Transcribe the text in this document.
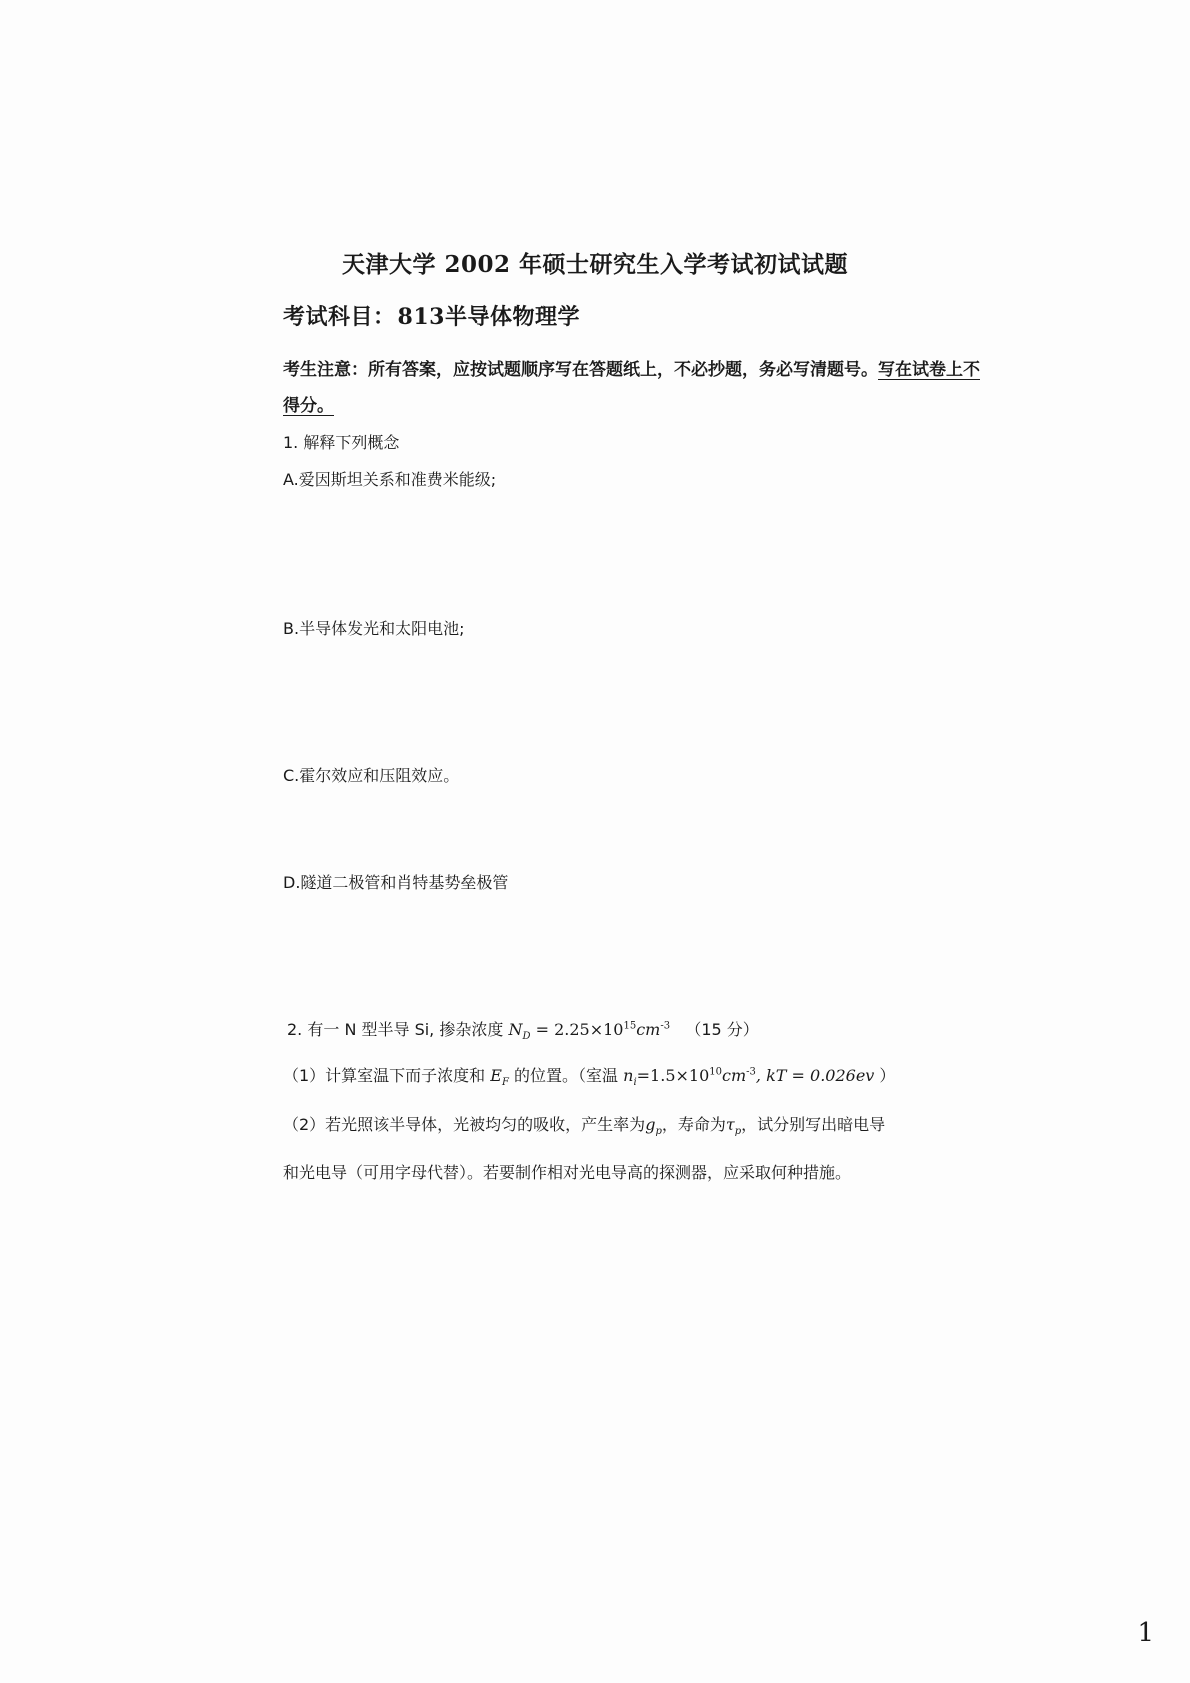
天津大学 2002 年硕士研究生入学考试初试试题
考试科目：813半导体物理学
考生注意：所有答案，应按试题顺序写在答题纸上，不必抄题，务必写清题号。写在试卷上不得分。
1. 解释下列概念
A.爱因斯坦关系和准费米能级;
B.半导体发光和太阳电池;
C.霍尔效应和压阻效应。
D.隧道二极管和肖特基势垒极管
2. 有一 N 型半导 Si, 掺杂浓度 $N_D = 2.25\times 10^{15}cm^{-3}$ （15 分）
（1）计算室温下而子浓度和 $E_F$ 的位置。（室温 $n_i=1.5\times 10^{10}cm^{-3}$, kT = 0.026ev ）
（2）若光照该半导体，光被均匀的吸收，产生率为$g_p$，寿命为$\tau_p$，试分别写出暗电导
和光电导（可用字母代替）。若要制作相对光电导高的探测器，应采取何种措施。
1
